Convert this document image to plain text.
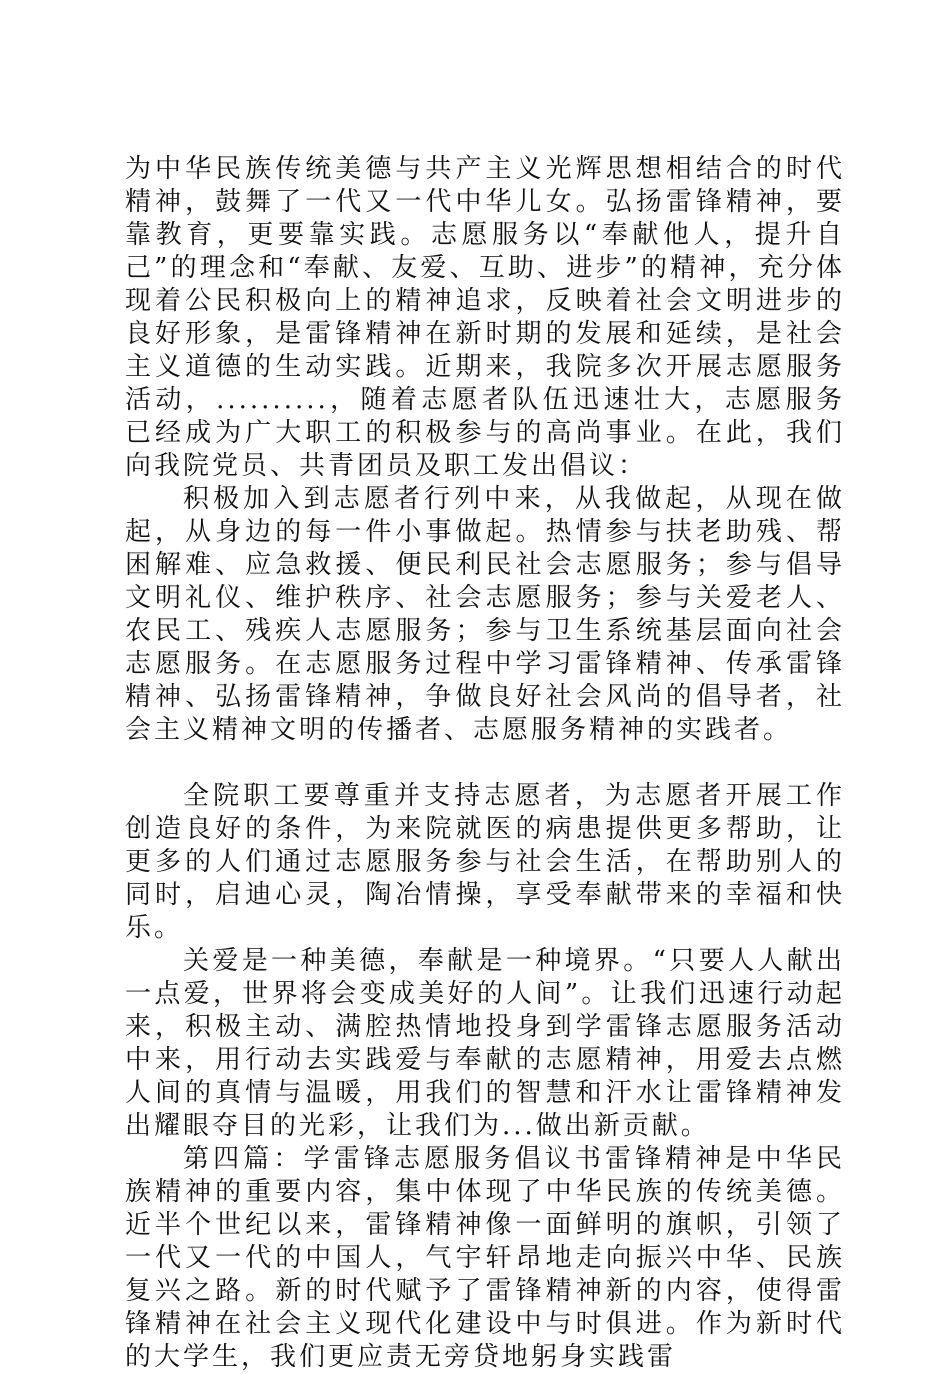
为中华民族传统美德与共产主义光辉思想相结合的时代精神，鼓舞了一代又一代中华儿女。弘扬雷锋精神，要靠教育，更要靠实践。志愿服务以“奉献他人，提升自己”的理念和“奉献、友爱、互助、进步”的精神，充分体现着公民积极向上的精神追求，反映着社会文明进步的良好形象，是雷锋精神在新时期的发展和延续，是社会主义道德的生动实践。近期来，我院多次开展志愿服务活动，..........，随着志愿者队伍迅速壮大，志愿服务已经成为广大职工的积极参与的高尚事业。在此，我们向我院党员、共青团员及职工发出倡议：

积极加入到志愿者行列中来，从我做起，从现在做起，从身边的每一件小事做起。热情参与扶老助残、帮困解难、应急救援、便民利民社会志愿服务；参与倡导文明礼仪、维护秩序、社会志愿服务；参与关爱老人、农民工、残疾人志愿服务；参与卫生系统基层面向社会志愿服务。在志愿服务过程中学习雷锋精神、传承雷锋精神、弘扬雷锋精神，争做良好社会风尚的倡导者，社会主义精神文明的传播者、志愿服务精神的实践者。

全院职工要尊重并支持志愿者，为志愿者开展工作创造良好的条件，为来院就医的病患提供更多帮助，让更多的人们通过志愿服务参与社会生活，在帮助别人的同时，启迪心灵，陶冶情操，享受奉献带来的幸福和快乐。

关爱是一种美德，奉献是一种境界。“只要人人献出一点爱，世界将会变成美好的人间”。让我们迅速行动起来，积极主动、满腔热情地投身到学雷锋志愿服务活动中来，用行动去实践爱与奉献的志愿精神，用爱去点燃人间的真情与温暖，用我们的智慧和汗水让雷锋精神发出耀眼夺目的光彩，让我们为...做出新贡献。

第四篇：学雷锋志愿服务倡议书雷锋精神是中华民族精神的重要内容，集中体现了中华民族的传统美德。近半个世纪以来，雷锋精神像一面鲜明的旗帜，引领了一代又一代的中国人，气宇轩昂地走向振兴中华、民族复兴之路。新的时代赋予了雷锋精神新的内容，使得雷锋精神在社会主义现代化建设中与时俱进。作为新时代的大学生，我们更应责无旁贷地躬身实践雷
